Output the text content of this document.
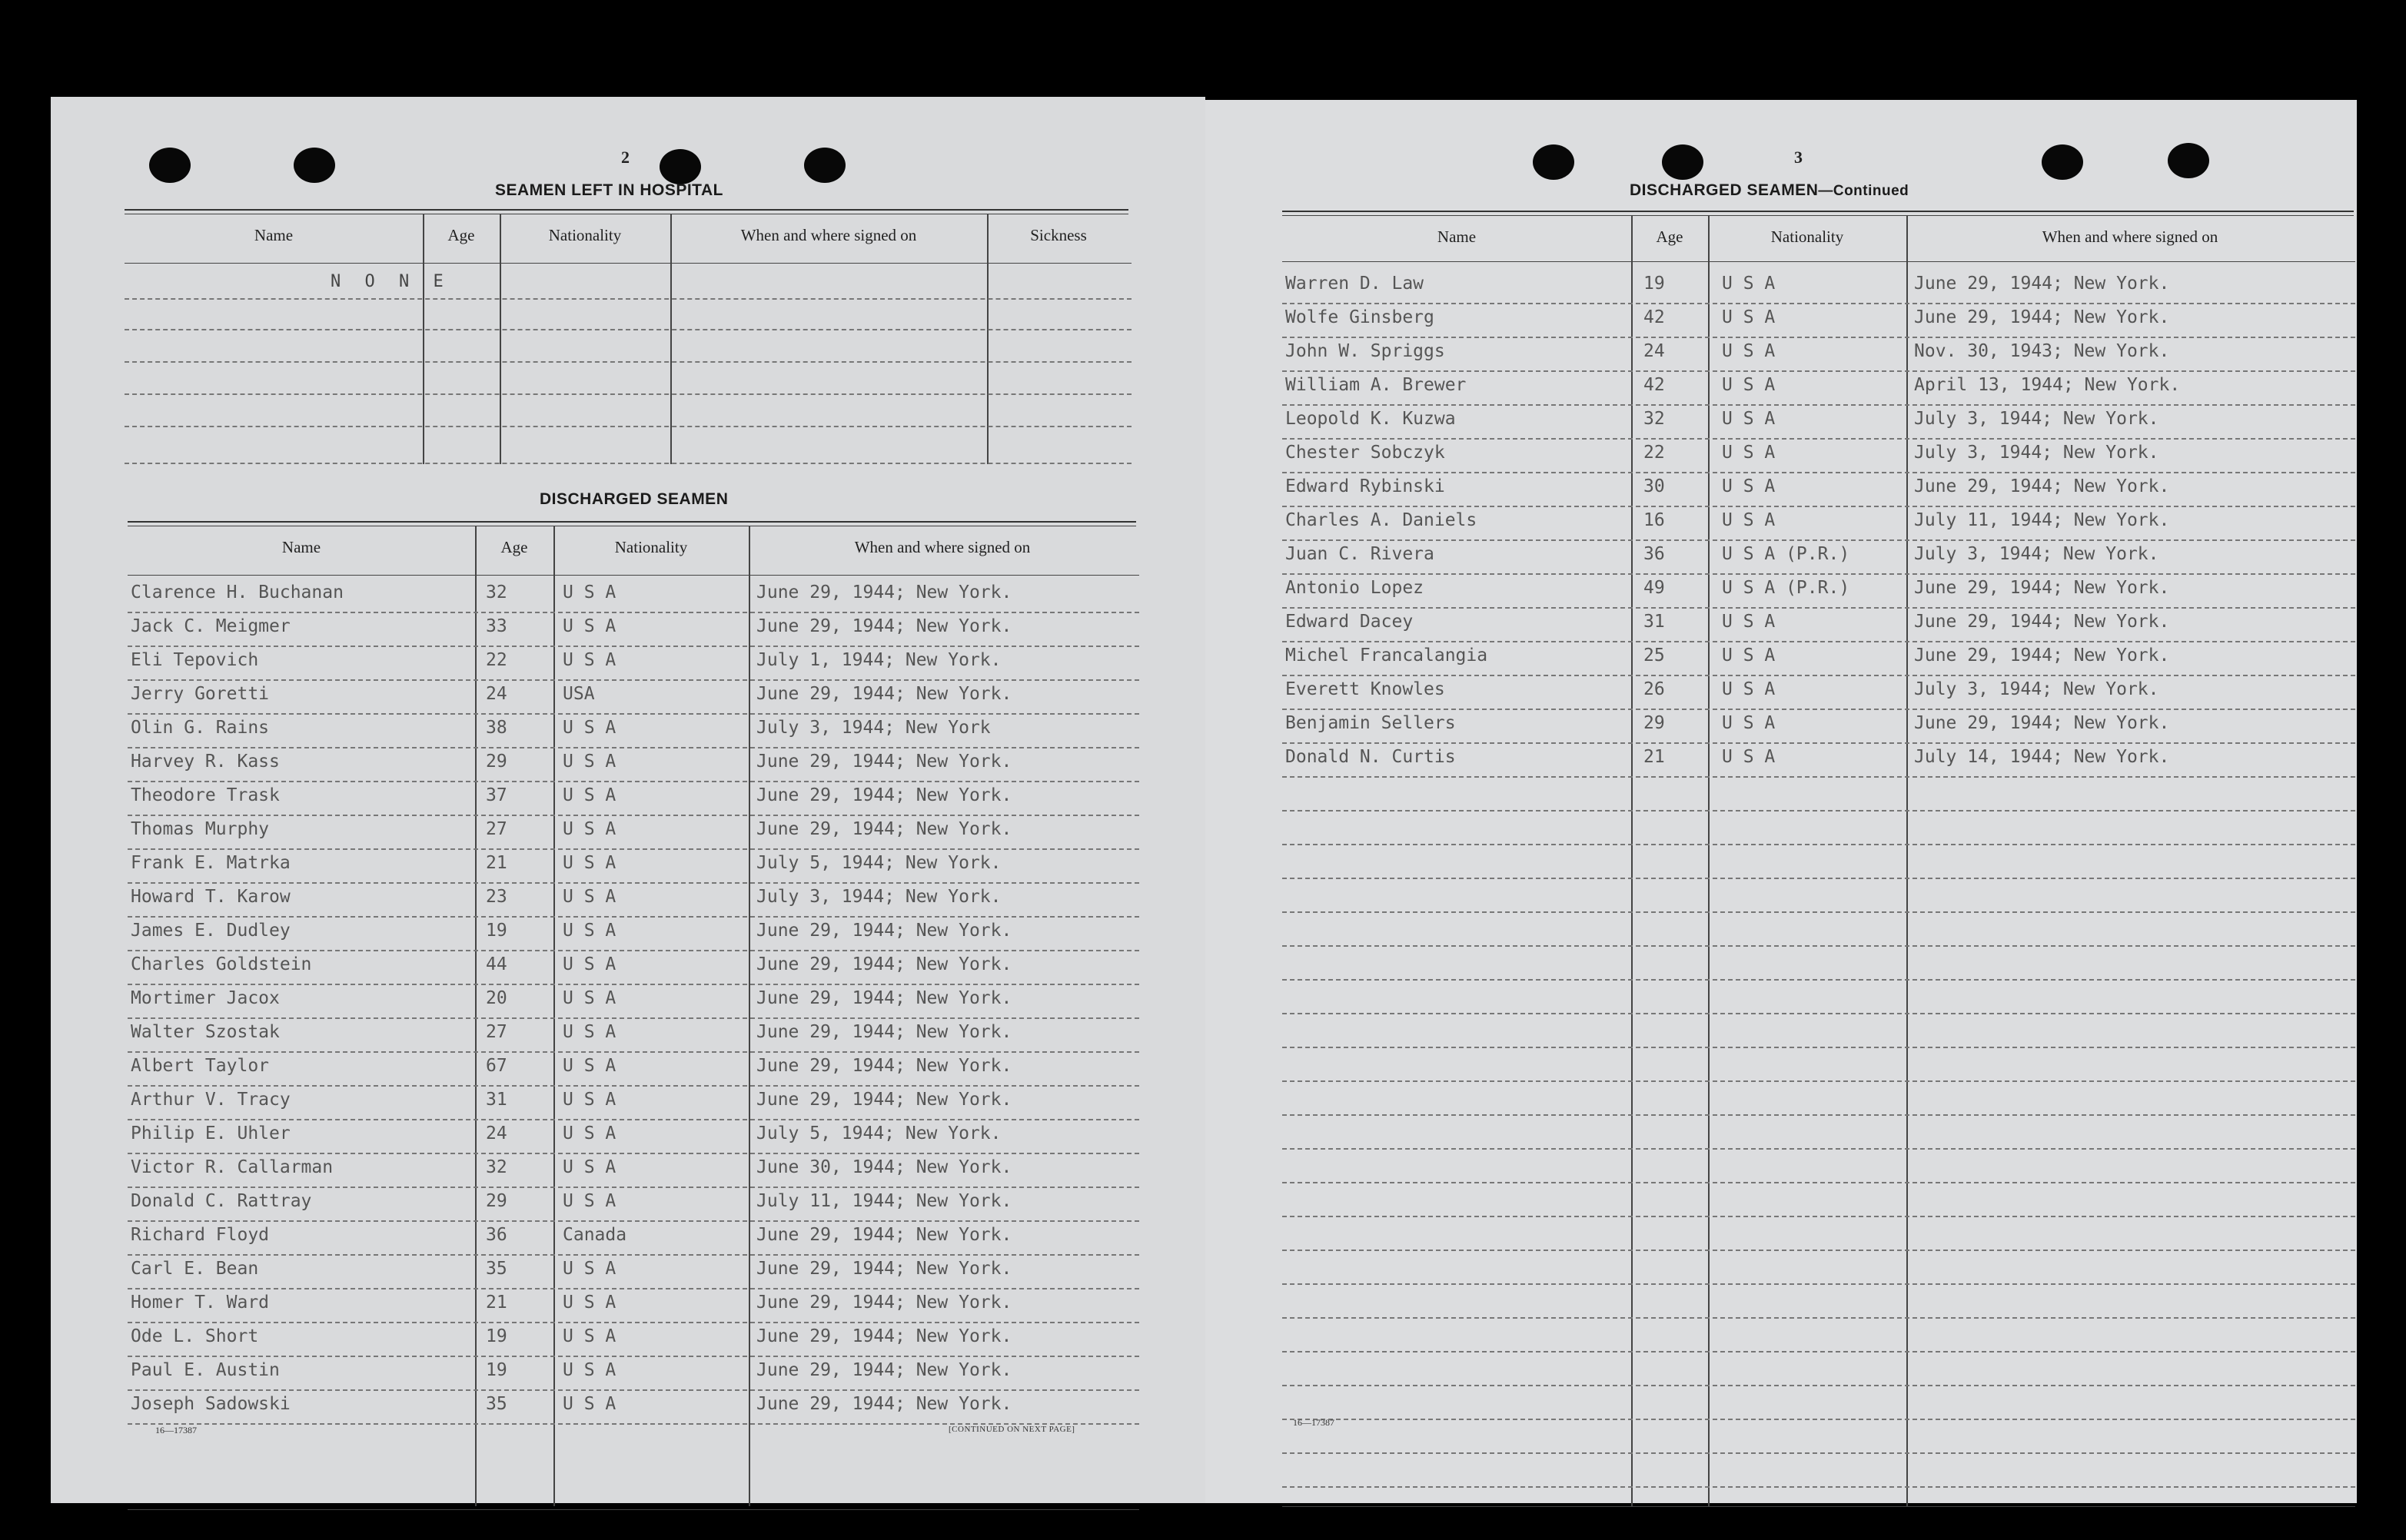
2
SEAMEN LEFT IN HOSPITAL
Name	Age	Nationality	When and where signed on	Sickness
N O N E
DISCHARGED SEAMEN
Name	Age	Nationality	When and where signed on
Clarence H. Buchanan	32	U S A	June 29, 1944; New York.
Jack C. Meigmer	33	U S A	June 29, 1944; New York.
Eli Tepovich	22	U S A	July 1, 1944; New York.
Jerry Goretti	24	USA	June 29, 1944; New York.
Olin G. Rains	38	U S A	July 3, 1944; New York
Harvey R. Kass	29	U S A	June 29, 1944; New York.
Theodore Trask	37	U S A	June 29, 1944; New York.
Thomas Murphy	27	U S A	June 29, 1944; New York.
Frank E. Matrka	21	U S A	July 5, 1944; New York.
Howard T. Karow	23	U S A	July 3, 1944; New York.
James E. Dudley	19	U S A	June 29, 1944; New York.
Charles Goldstein	44	U S A	June 29, 1944; New York.
Mortimer Jacox	20	U S A	June 29, 1944; New York.
Walter Szostak	27	U S A	June 29, 1944; New York.
Albert Taylor	67	U S A	June 29, 1944; New York.
Arthur V. Tracy	31	U S A	June 29, 1944; New York.
Philip E. Uhler	24	U S A	July 5, 1944; New York.
Victor R. Callarman	32	U S A	June 30, 1944; New York.
Donald C. Rattray	29	U S A	July 11, 1944; New York.
Richard Floyd	36	Canada	June 29, 1944; New York.
Carl E. Bean	35	U S A	June 29, 1944; New York.
Homer T. Ward	21	U S A	June 29, 1944; New York.
Ode L. Short	19	U S A	June 29, 1944; New York.
Paul E. Austin	19	U S A	June 29, 1944; New York.
Joseph Sadowski	35	U S A	June 29, 1944; New York.
16—17387	[CONTINUED ON NEXT PAGE]
3
DISCHARGED SEAMEN—Continued
Name	Age	Nationality	When and where signed on
Warren D. Law	19	U S A	June 29, 1944; New York.
Wolfe Ginsberg	42	U S A	June 29, 1944; New York.
John W. Spriggs	24	U S A	Nov. 30, 1943; New York.
William A. Brewer	42	U S A	April 13, 1944; New York.
Leopold K. Kuzwa	32	U S A	July 3, 1944; New York.
Chester Sobczyk	22	U S A	July 3, 1944; New York.
Edward Rybinski	30	U S A	June 29, 1944; New York.
Charles A. Daniels	16	U S A	July 11, 1944; New York.
Juan C. Rivera	36	U S A (P.R.)	July 3, 1944; New York.
Antonio Lopez	49	U S A (P.R.)	June 29, 1944; New York.
Edward Dacey	31	U S A	June 29, 1944; New York.
Michel Francalangia	25	U S A	June 29, 1944; New York.
Everett Knowles	26	U S A	July 3, 1944; New York.
Benjamin Sellers	29	U S A	June 29, 1944; New York.
Donald N. Curtis	21	U S A	July 14, 1944; New York.
16—17387
